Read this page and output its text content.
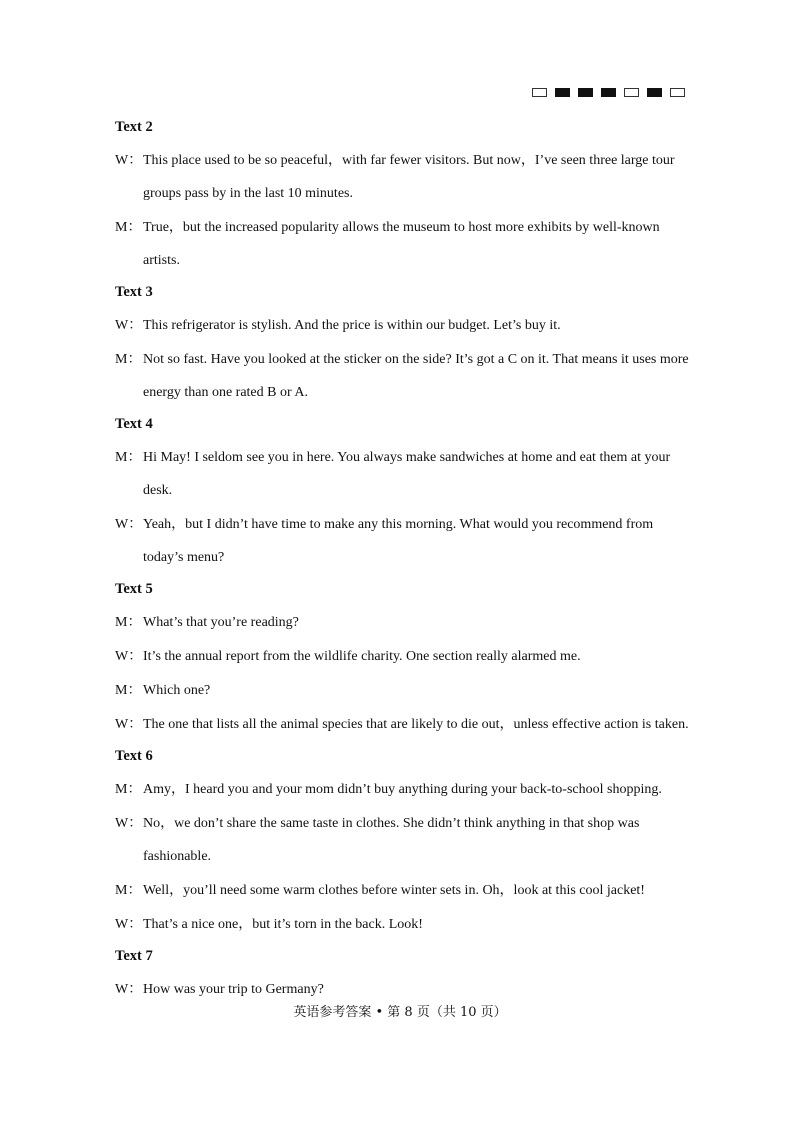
Text 2
W： This place used to be so peaceful，with far fewer visitors. But now，I’ve seen three large tour groups pass by in the last 10 minutes.
M： True，but the increased popularity allows the museum to host more exhibits by well-known artists.
Text 3
W： This refrigerator is stylish. And the price is within our budget. Let’s buy it.
M： Not so fast. Have you looked at the sticker on the side? It’s got a C on it. That means it uses more energy than one rated B or A.
Text 4
M： Hi May! I seldom see you in here. You always make sandwiches at home and eat them at your desk.
W： Yeah，but I didn’t have time to make any this morning. What would you recommend from today’s menu?
Text 5
M： What’s that you’re reading?
W： It’s the annual report from the wildlife charity. One section really alarmed me.
M： Which one?
W： The one that lists all the animal species that are likely to die out，unless effective action is taken.
Text 6
M： Amy，I heard you and your mom didn’t buy anything during your back-to-school shopping.
W： No，we don’t share the same taste in clothes. She didn’t think anything in that shop was fashionable.
M： Well，you’ll need some warm clothes before winter sets in. Oh，look at this cool jacket!
W： That’s a nice one，but it’s torn in the back. Look!
Text 7
W： How was your trip to Germany?
英语参考答案 • 第 8 页（共 10 页）
